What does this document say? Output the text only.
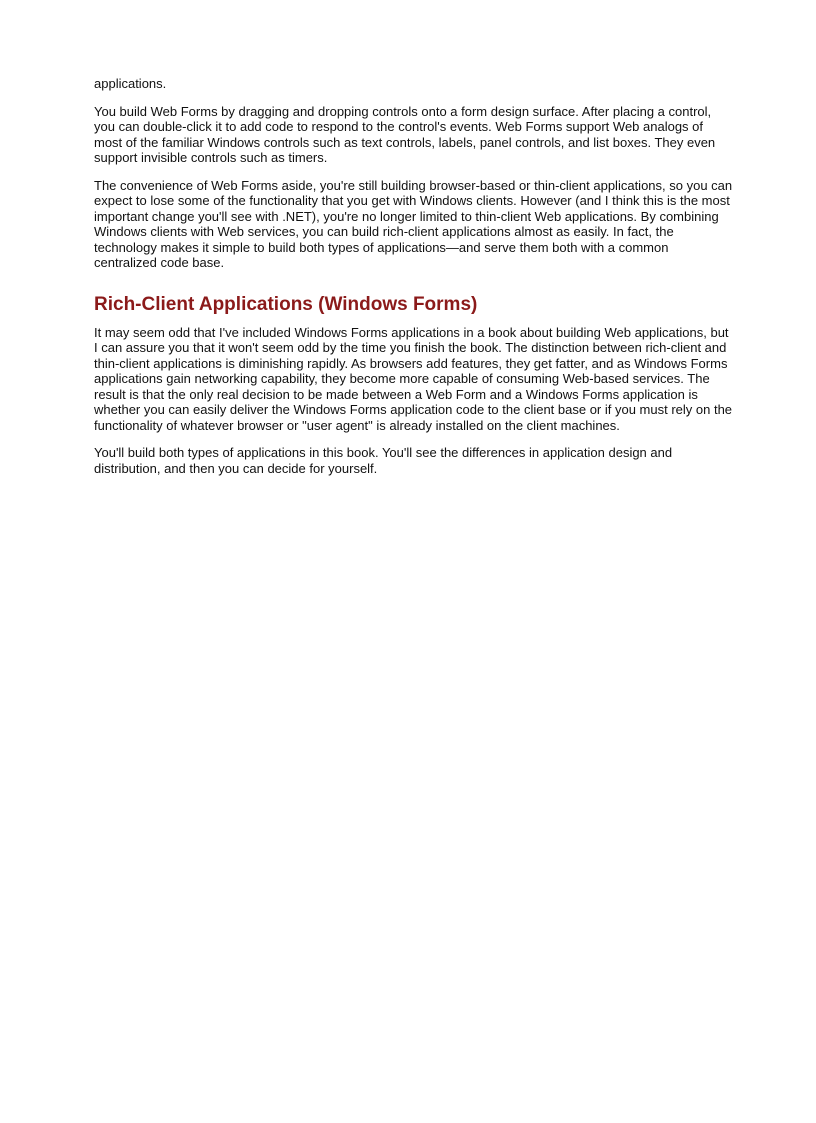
applications.

You build Web Forms by dragging and dropping controls onto a form design surface. After placing a control, you can double-click it to add code to respond to the control's events. Web Forms support Web analogs of most of the familiar Windows controls such as text controls, labels, panel controls, and list boxes. They even support invisible controls such as timers.

The convenience of Web Forms aside, you're still building browser-based or thin-client applications, so you can expect to lose some of the functionality that you get with Windows clients. However (and I think this is the most important change you'll see with .NET), you're no longer limited to thin-client Web applications. By combining Windows clients with Web services, you can build rich-client applications almost as easily. In fact, the technology makes it simple to build both types of applications—and serve them both with a common centralized code base.

Rich-Client Applications (Windows Forms)

It may seem odd that I've included Windows Forms applications in a book about building Web applications, but I can assure you that it won't seem odd by the time you finish the book. The distinction between rich-client and thin-client applications is diminishing rapidly. As browsers add features, they get fatter, and as Windows Forms applications gain networking capability, they become more capable of consuming Web-based services. The result is that the only real decision to be made between a Web Form and a Windows Forms application is whether you can easily deliver the Windows Forms application code to the client base or if you must rely on the functionality of whatever browser or "user agent" is already installed on the client machines.

You'll build both types of applications in this book. You'll see the differences in application design and distribution, and then you can decide for yourself.
